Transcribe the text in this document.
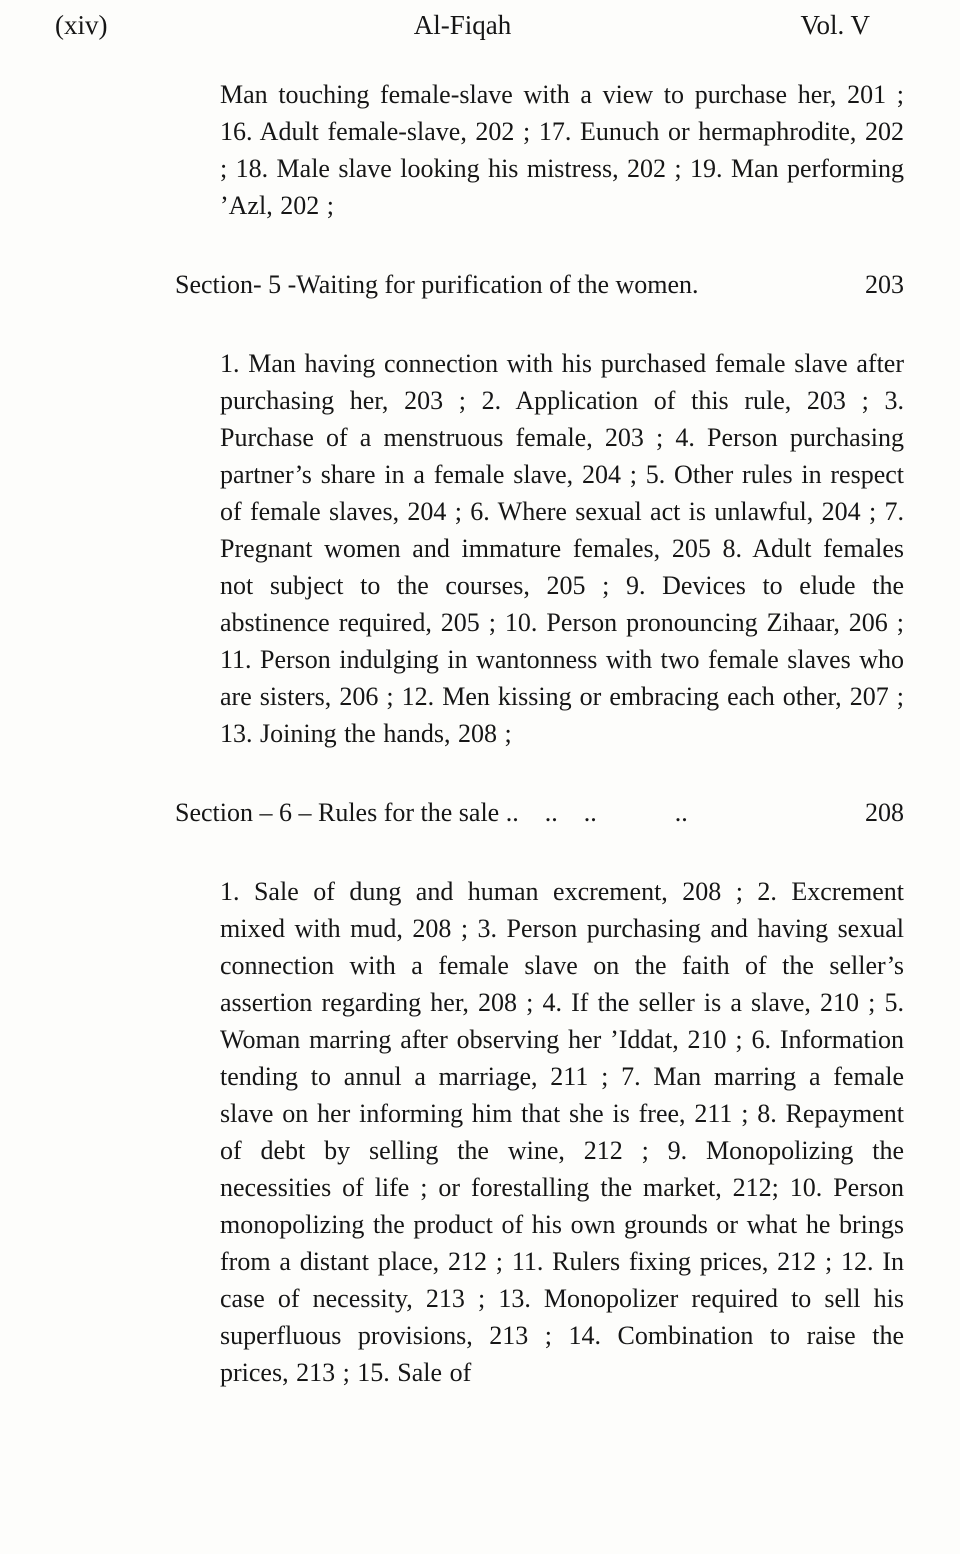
(xiv)	Al-Fiqah	Vol. V

Man touching female-slave with a view to purchase her, 201 ; 16. Adult female-slave, 202 ; 17. Eunuch or hermaphrodite, 202 ; 18. Male slave looking his mistress, 202 ; 19. Man performing ’Azl, 202 ;

Section- 5 -Waiting for purification of the women.	203

1. Man having connection with his purchased female slave after purchasing her, 203 ; 2. Application of this rule, 203 ; 3. Purchase of a menstruous female, 203 ; 4. Person purchasing partner’s share in a female slave, 204 ; 5. Other rules in respect of female slaves, 204 ; 6. Where sexual act is unlawful, 204 ; 7. Pregnant women and immature females, 205 8. Adult females not subject to the courses, 205 ; 9. Devices to elude the abstinence required, 205 ; 10. Person pronouncing Zihaar, 206 ; 11. Person indulging in wantonness with two female slaves who are sisters, 206 ; 12. Men kissing or embracing each other, 207 ; 13. Joining the hands, 208 ;

Section – 6 – Rules for the sale ..  ..  ..      ..	208

1. Sale of dung and human excrement, 208 ; 2. Excrement mixed with mud, 208 ; 3. Person purchasing and having sexual connection with a female slave on the faith of the seller’s assertion regarding her, 208 ; 4. If the seller is a slave, 210 ; 5. Woman marring after observing her ’Iddat, 210 ; 6. Information tending to annul a marriage, 211 ; 7. Man marring a female slave on her informing him that she is free, 211 ; 8. Repayment of debt by selling the wine, 212 ; 9. Monopolizing the necessities of life ; or forestalling the market, 212; 10. Person monopolizing the product of his own grounds or what he brings from a distant place, 212 ; 11. Rulers fixing prices, 212 ; 12. In case of necessity, 213 ; 13. Monopolizer required to sell his superfluous provisions, 213 ; 14. Combination to raise the prices, 213 ; 15. Sale of
